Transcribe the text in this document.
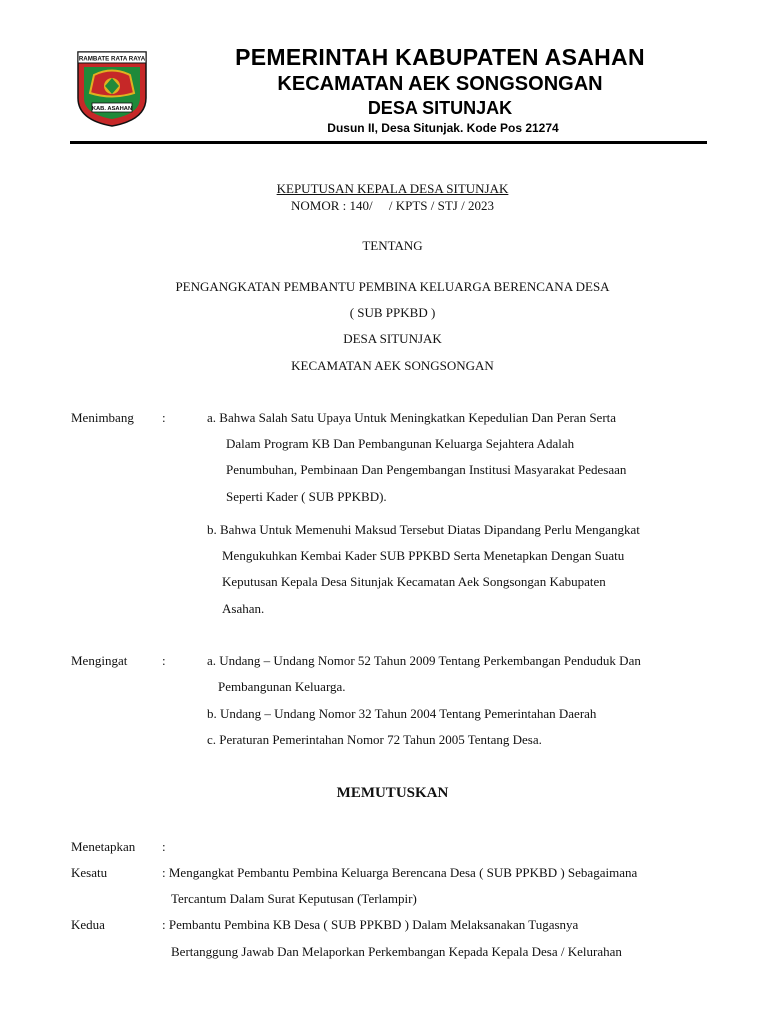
RAMBATE RATA RAYA
KAB. ASAHAN
PEMERINTAH KABUPATEN ASAHAN
KECAMATAN AEK SONGSONGAN
DESA SITUNJAK
Dusun II, Desa Situnjak. Kode Pos 21274
KEPUTUSAN KEPALA DESA SITUNJAK
NOMOR : 140/     / KPTS / STJ / 2023
TENTANG
PENGANGKATAN PEMBANTU PEMBINA KELUARGA BERENCANA DESA
( SUB PPKBD )
DESA SITUNJAK
KECAMATAN AEK SONGSONGAN
Menimbang :	a. Bahwa Salah Satu Upaya Untuk Meningkatkan Kepedulian Dan Peran Serta
Dalam Program KB Dan Pembangunan Keluarga Sejahtera Adalah
Penumbuhan, Pembinaan Dan Pengembangan Institusi Masyarakat Pedesaan
Seperti Kader ( SUB PPKBD).
b. Bahwa Untuk Memenuhi Maksud Tersebut Diatas Dipandang Perlu Mengangkat
Mengukuhkan Kembai Kader SUB PPKBD Serta Menetapkan Dengan Suatu
Keputusan Kepala Desa Situnjak Kecamatan Aek Songsongan Kabupaten
Asahan.
Mengingat	:	a. Undang – Undang Nomor 52 Tahun 2009 Tentang Perkembangan Penduduk Dan
Pembangunan Keluarga.
b. Undang – Undang Nomor 32 Tahun 2004 Tentang Pemerintahan Daerah
c. Peraturan Pemerintahan Nomor 72 Tahun 2005 Tentang Desa.
MEMUTUSKAN
Menetapkan :
Kesatu	: Mengangkat Pembantu Pembina Keluarga Berencana Desa ( SUB PPKBD ) Sebagaimana
Tercantum Dalam Surat Keputusan (Terlampir)
Kedua	: Pembantu Pembina KB Desa ( SUB PPKBD ) Dalam Melaksanakan Tugasnya
Bertanggung Jawab Dan Melaporkan Perkembangan Kepada Kepala Desa / Kelurahan
